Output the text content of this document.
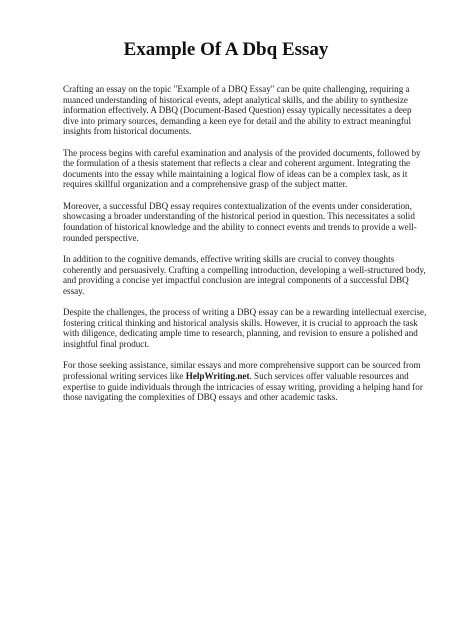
Example Of A Dbq Essay

Crafting an essay on the topic "Example of a DBQ Essay" can be quite challenging, requiring a nuanced understanding of historical events, adept analytical skills, and the ability to synthesize information effectively. A DBQ (Document-Based Question) essay typically necessitates a deep dive into primary sources, demanding a keen eye for detail and the ability to extract meaningful insights from historical documents.

The process begins with careful examination and analysis of the provided documents, followed by the formulation of a thesis statement that reflects a clear and coherent argument. Integrating the documents into the essay while maintaining a logical flow of ideas can be a complex task, as it requires skillful organization and a comprehensive grasp of the subject matter.

Moreover, a successful DBQ essay requires contextualization of the events under consideration, showcasing a broader understanding of the historical period in question. This necessitates a solid foundation of historical knowledge and the ability to connect events and trends to provide a well-rounded perspective.

In addition to the cognitive demands, effective writing skills are crucial to convey thoughts coherently and persuasively. Crafting a compelling introduction, developing a well-structured body, and providing a concise yet impactful conclusion are integral components of a successful DBQ essay.

Despite the challenges, the process of writing a DBQ essay can be a rewarding intellectual exercise, fostering critical thinking and historical analysis skills. However, it is crucial to approach the task with diligence, dedicating ample time to research, planning, and revision to ensure a polished and insightful final product.

For those seeking assistance, similar essays and more comprehensive support can be sourced from professional writing services like HelpWriting.net. Such services offer valuable resources and expertise to guide individuals through the intricacies of essay writing, providing a helping hand for those navigating the complexities of DBQ essays and other academic tasks.
